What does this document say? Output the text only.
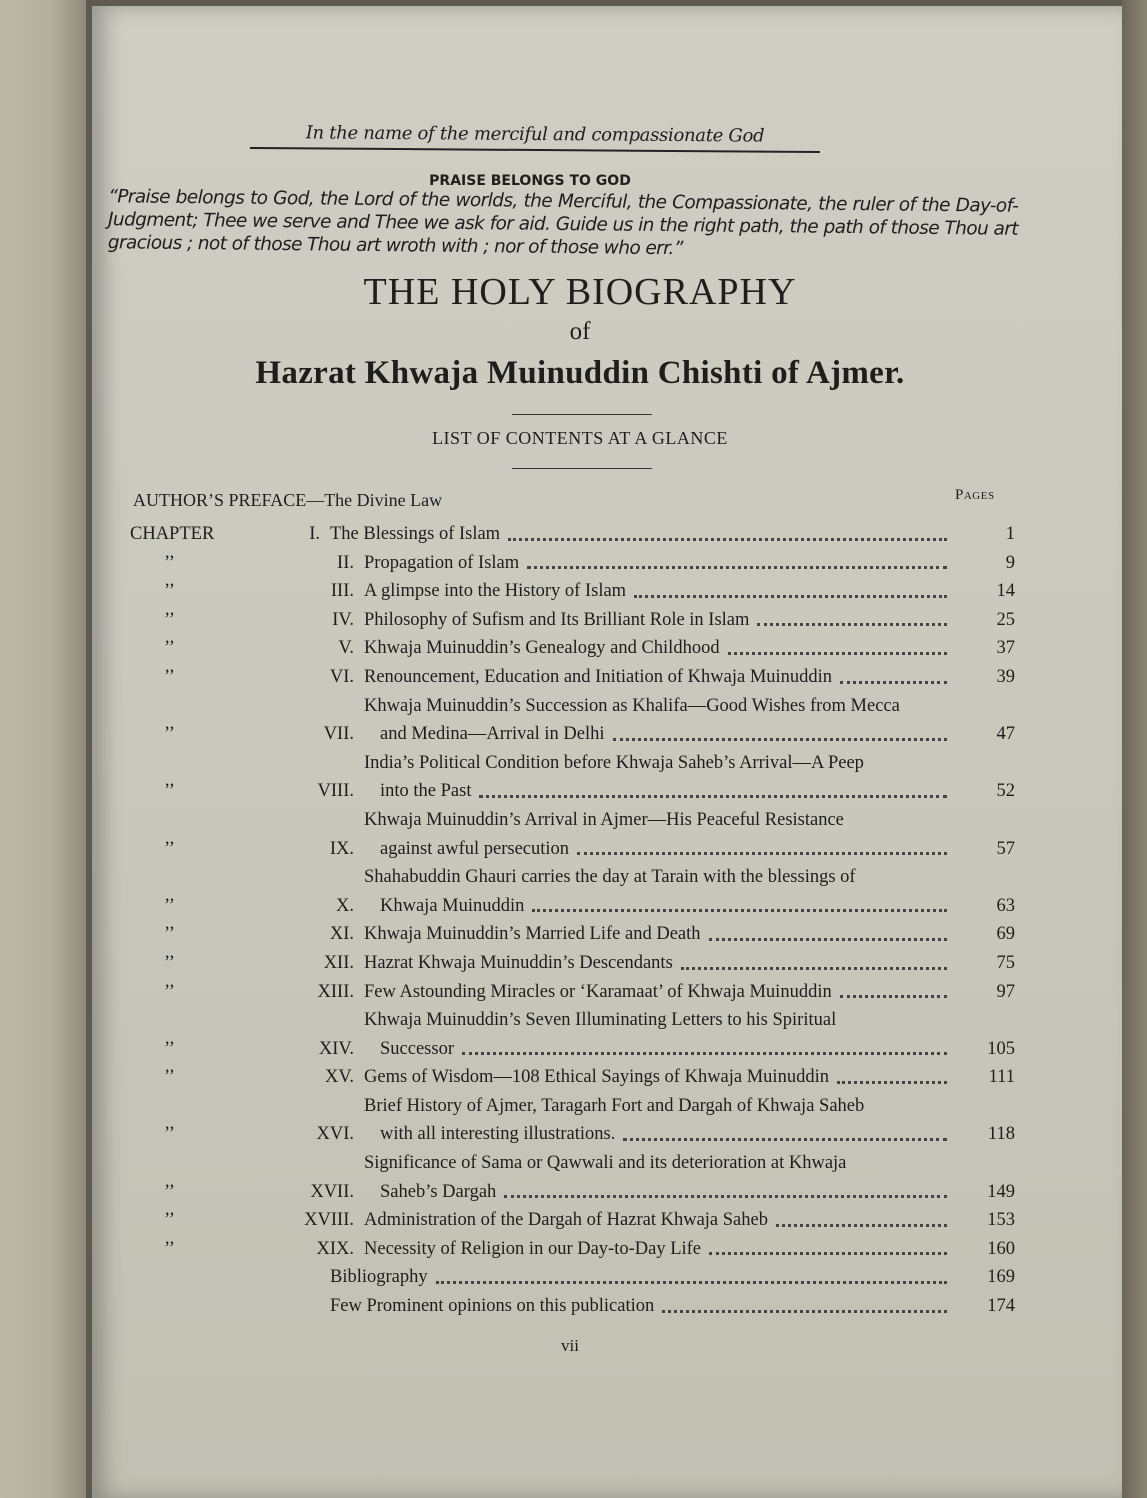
In the name of the merciful and compassionate God
PRAISE BELONGS TO GOD
“Praise belongs to God, the Lord of the worlds, the Merciful, the Compassionate, the ruler of the Day-of-Judgment; Thee we serve and Thee we ask for aid. Guide us in the right path, the path of those Thou art gracious ; not of those Thou art wroth with ; nor of those who err.”
THE HOLY BIOGRAPHY
of
Hazrat Khwaja Muinuddin Chishti of Ajmer.
LIST OF CONTENTS AT A GLANCE
Pages
AUTHOR’S PREFACE—The Divine Law
CHAPTER	I. The Blessings of Islam	1
’’	II. Propagation of Islam	9
’’	III. A glimpse into the History of Islam	14
’’	IV. Philosophy of Sufism and Its Brilliant Role in Islam	25
’’	V. Khwaja Muinuddin’s Genealogy and Childhood	37
’’	VI. Renouncement, Education and Initiation of Khwaja Muinuddin	39
’’	VII.
Khwaja Muinuddin’s Succession as Khalifa—Good Wishes from Mecca
and Medina—Arrival in Delhi	47
’’	VIII.
India’s Political Condition before Khwaja Saheb’s Arrival—A Peep
into the Past	52
’’	IX.
Khwaja Muinuddin’s Arrival in Ajmer—His Peaceful Resistance
against awful persecution	57
’’	X.
Shahabuddin Ghauri carries the day at Tarain with the blessings of
Khwaja Muinuddin	63
’’	XI. Khwaja Muinuddin’s Married Life and Death	69
’’	XII. Hazrat Khwaja Muinuddin’s Descendants	75
’’	XIII. Few Astounding Miracles or ‘Karamaat’ of Khwaja Muinuddin	97
’’	XIV.
Khwaja Muinuddin’s Seven Illuminating Letters to his Spiritual
Successor	105
’’	XV. Gems of Wisdom—108 Ethical Sayings of Khwaja Muinuddin	111
’’	XVI.
Brief History of Ajmer, Taragarh Fort and Dargah of Khwaja Saheb
with all interesting illustrations.	118
’’	XVII.
Significance of Sama or Qawwali and its deterioration at Khwaja
Saheb’s Dargah	149
’’	XVIII. Administration of the Dargah of Hazrat Khwaja Saheb	153
’’	XIX. Necessity of Religion in our Day-to-Day Life	160
Bibliography	169
Few Prominent opinions on this publication	174
vii
